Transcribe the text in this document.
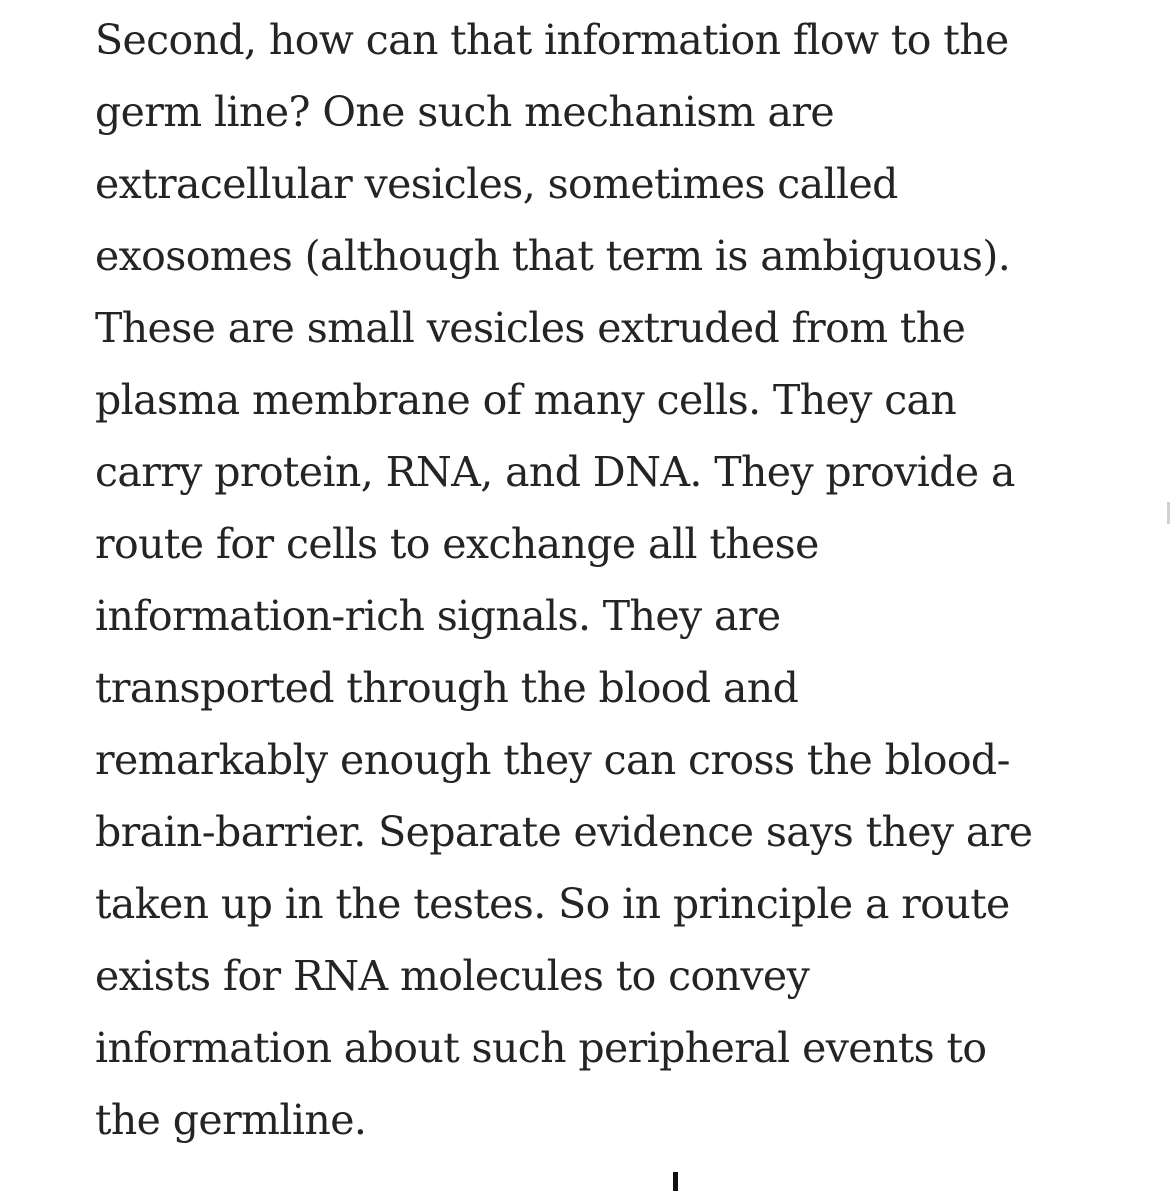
Second, how can that information flow to the
germ line? One such mechanism are
extracellular vesicles, sometimes called
exosomes (although that term is ambiguous).
These are small vesicles extruded from the
plasma membrane of many cells. They can
carry protein, RNA, and DNA. They provide a
route for cells to exchange all these
information-rich signals. They are
transported through the blood and
remarkably enough they can cross the blood-
brain-barrier. Separate evidence says they are
taken up in the testes. So in principle a route
exists for RNA molecules to convey
information about such peripheral events to
the germline.
